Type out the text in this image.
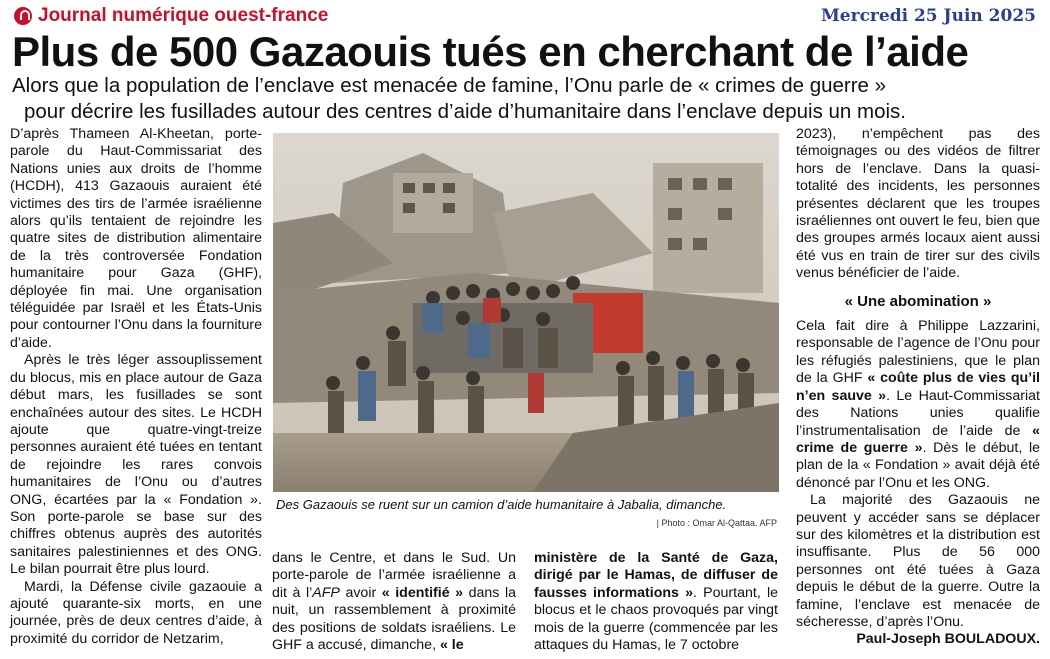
Journal numérique ouest-france	Mercredi 25 Juin 2025
Plus de 500 Gazaouis tués en cherchant de l’aide
Alors que la population de l’enclave est menacée de famine, l’Onu parle de « crimes de guerre »
pour décrire les fusillades autour des centres d’aide d’humanitaire dans l’enclave depuis un mois.

D’après Thameen Al-Kheetan, porte-parole du Haut-Commissariat des Nations unies aux droits de l’homme (HCDH), 413 Gazaouis auraient été victimes des tirs de l’armée israélienne alors qu’ils tentaient de rejoindre les quatre sites de distribution alimentaire de la très controversée Fondation humanitaire pour Gaza (GHF), déployée fin mai. Une organisation téléguidée par Israël et les États-Unis pour contourner l’Onu dans la fourniture d’aide.

Après le très léger assouplissement du blocus, mis en place autour de Gaza début mars, les fusillades se sont enchaînées autour des sites. Le HCDH ajoute que quatre-vingt-treize personnes auraient été tuées en tentant de rejoindre les rares convois humanitaires de l’Onu ou d’autres ONG, écartées par la « Fondation ». Son porte-parole se base sur des chiffres obtenus auprès des autorités sanitaires palestiniennes et des ONG. Le bilan pourrait être plus lourd.

Mardi, la Défense civile gazaouie a ajouté quarante-six morts, en une journée, près de deux centres d’aide, à proximité du corridor de Netzarim,

Des Gazaouis se ruent sur un camion d’aide humanitaire à Jabalia, dimanche.
| Photo : Omar Al-Qattaa. AFP

dans le Centre, et dans le Sud. Un porte-parole de l’armée israélienne a dit à l’AFP avoir « identifié » dans la nuit, un rassemblement à proximité des positions de soldats israéliens. Le GHF a accusé, dimanche, « le

ministère de la Santé de Gaza, dirigé par le Hamas, de diffuser de fausses informations ». Pourtant, le blocus et le chaos provoqués par vingt mois de la guerre (commencée par les attaques du Hamas, le 7 octobre

2023), n’empêchent pas des témoignages ou des vidéos de filtrer hors de l’enclave. Dans la quasi-totalité des incidents, les personnes présentes déclarent que les troupes israéliennes ont ouvert le feu, bien que des groupes armés locaux aient aussi été vus en train de tirer sur des civils venus bénéficier de l’aide.

« Une abomination »

Cela fait dire à Philippe Lazzarini, responsable de l’agence de l’Onu pour les réfugiés palestiniens, que le plan de la GHF « coûte plus de vies qu’il n’en sauve ». Le Haut-Commissariat des Nations unies qualifie l’instrumentalisation de l’aide de « crime de guerre ». Dès le début, le plan de la « Fondation » avait déjà été dénoncé par l’Onu et les ONG.

La majorité des Gazaouis ne peuvent y accéder sans se déplacer sur des kilomètres et la distribution est insuffisante. Plus de 56 000 personnes ont été tuées à Gaza depuis le début de la guerre. Outre la famine, l’enclave est menacée de sécheresse, d’après l’Onu.

Paul-Joseph BOULADOUX.
